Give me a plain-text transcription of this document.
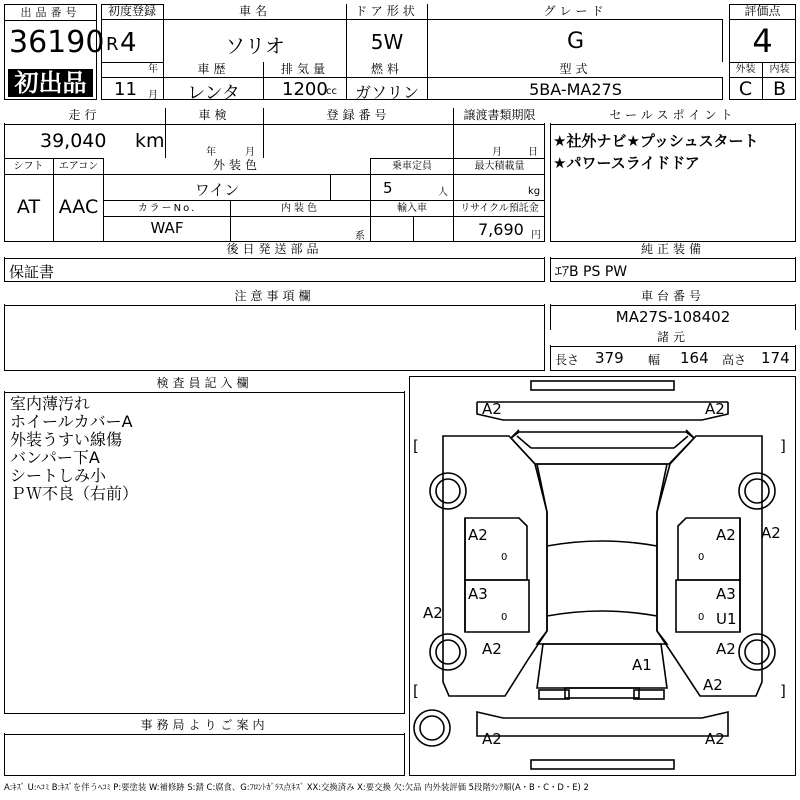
出品番号
36190
初出品
初度登録
R 4
年
11 月
車名
ソリオ
車歴
レンタ
排気量
1200
cc
ドア形状
5W
燃料
ガソリン
グレード
G
型式
5BA-MA27S
評価点
4
外装	内装
C	B
走行
39,040 km
車検
年	月
登録番号	譲渡書類期限
月	日
シフト
AT
エアコン
AAC
外装色
ワイン
乗車定員
5	人
最大積載量
kg
カラーNo.
WAF
内装色
系
輸入車	リサイクル預託金
7,690 円
セールスポイント
★社外ナビ★プッシュスタート
★パワースライドドア
後日発送部品
保証書
純正装備
ｴｱB PS PW
注意事項欄	車台番号
MA27S-108402
諸元
長さ 379 幅 164 高さ 174
検査員記入欄
室内薄汚れ
ホイールカバーA
外装うすい線傷
バンパー下A
シートしみ小
ＰＷ不良（右前）
事務局よりご案内
A2	A2
A2	A2 A2
A3	A3
U1
A2
A2	A2
A1
A2
A2	A2
0
0
0
0
[	]
[	]
A:ｷｽﾞ U:ﾍｺﾐ B:ｷｽﾞを伴うﾍｺﾐ P:要塗装 W:補修跡 S:錆 C:腐食、G:ﾌﾛﾝﾄｶﾞﾗｽ点ｷｽﾞ XX:交換済み X:要交換 欠:欠品 内外装評価 5段階ﾗﾝｸ順(A・B・C・D・E) 2
